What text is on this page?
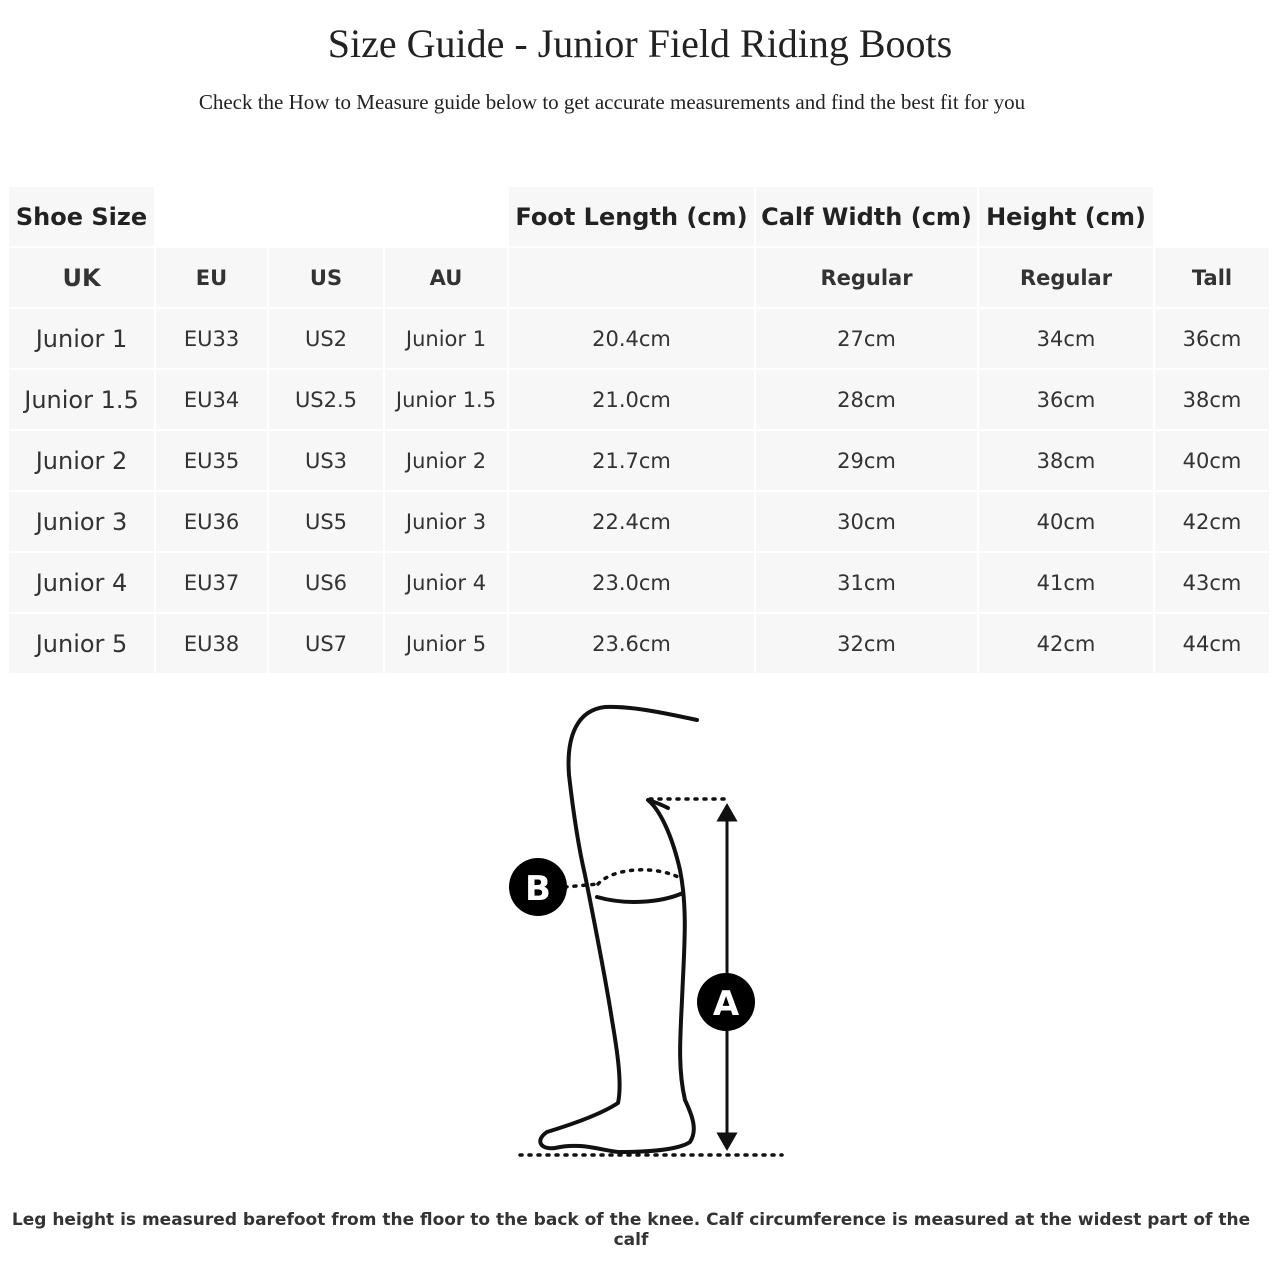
Size Guide - Junior Field Riding Boots
Check the How to Measure guide below to get accurate measurements and find the best fit for you
Shoe Size				Foot Length (cm)	Calf Width (cm)	Height (cm)	
UK	EU	US	AU		Regular	Regular	Tall
Junior 1	EU33	US2	Junior 1	20.4cm	27cm	34cm	36cm
Junior 1.5	EU34	US2.5	Junior 1.5	21.0cm	28cm	36cm	38cm
Junior 2	EU35	US3	Junior 2	21.7cm	29cm	38cm	40cm
Junior 3	EU36	US5	Junior 3	22.4cm	30cm	40cm	42cm
Junior 4	EU37	US6	Junior 4	23.0cm	31cm	41cm	43cm
Junior 5	EU38	US7	Junior 5	23.6cm	32cm	42cm	44cm
B
A
Leg height is measured barefoot from the floor to the back of the knee. Calf circumference is measured at the widest part of the calf
